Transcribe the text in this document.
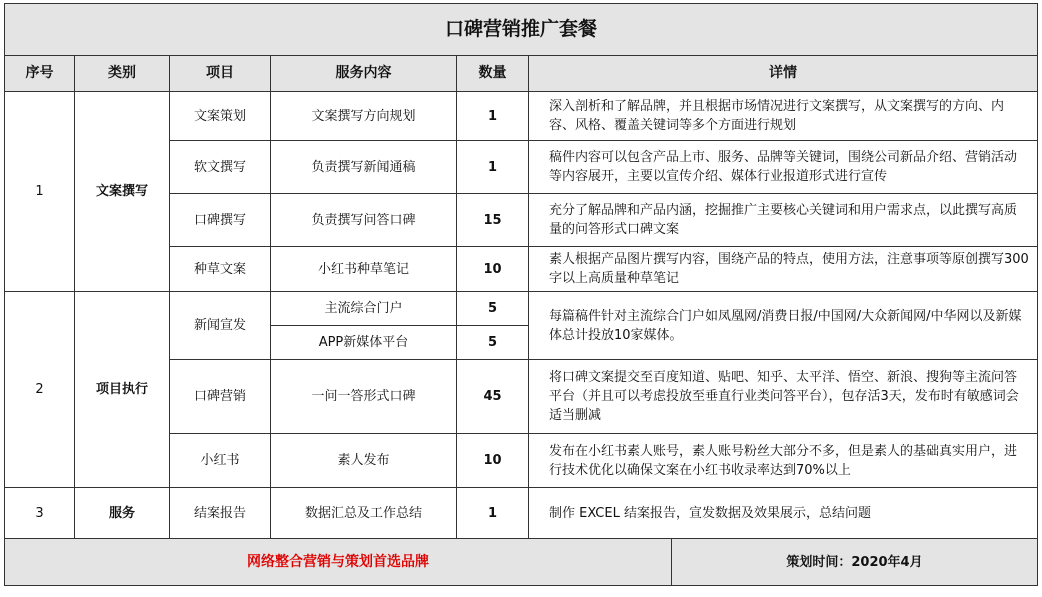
口碑营销推广套餐						
序号	类别	项目	服务内容	数量	详情	
1	文案撰写	文案策划	文案撰写方向规划	1	深入剖析和了解品牌，并且根据市场情况进行文案撰写，从文案撰写的方向、内容、风格、覆盖关键词等多个方面进行规划	
		软文撰写	负责撰写新闻通稿	1	稿件内容可以包含产品上市、服务、品牌等关键词，围绕公司新品介绍、营销活动等内容展开，主要以宣传介绍、媒体行业报道形式进行宣传	
		口碑撰写	负责撰写问答口碑	15	充分了解品牌和产品内涵，挖掘推广主要核心关键词和用户需求点，以此撰写高质量的问答形式口碑文案	
		种草文案	小红书种草笔记	10	素人根据产品图片撰写内容，围绕产品的特点，使用方法，注意事项等原创撰写300字以上高质量种草笔记	
2	项目执行	新闻宣发	主流综合门户	5	每篇稿件针对主流综合门户如凤凰网/消费日报/中国网/大众新闻网/中华网以及新媒体总计投放10家媒体。	
			APP新媒体平台	5		
		口碑营销	一问一答形式口碑	45	将口碑文案提交至百度知道、贴吧、知乎、太平洋、悟空、新浪、搜狗等主流问答平台（并且可以考虑投放至垂直行业类问答平台），包存活3天，发布时有敏感词会适当删减	
		小红书	素人发布	10	发布在小红书素人账号，素人账号粉丝大部分不多，但是素人的基础真实用户，进行技术优化以确保文案在小红书收录率达到70%以上	
3	服务	结案报告	数据汇总及工作总结	1	制作 EXCEL 结案报告，宣发数据及效果展示，总结问题	
网络整合营销与策划首选品牌						策划时间：2020年4月
